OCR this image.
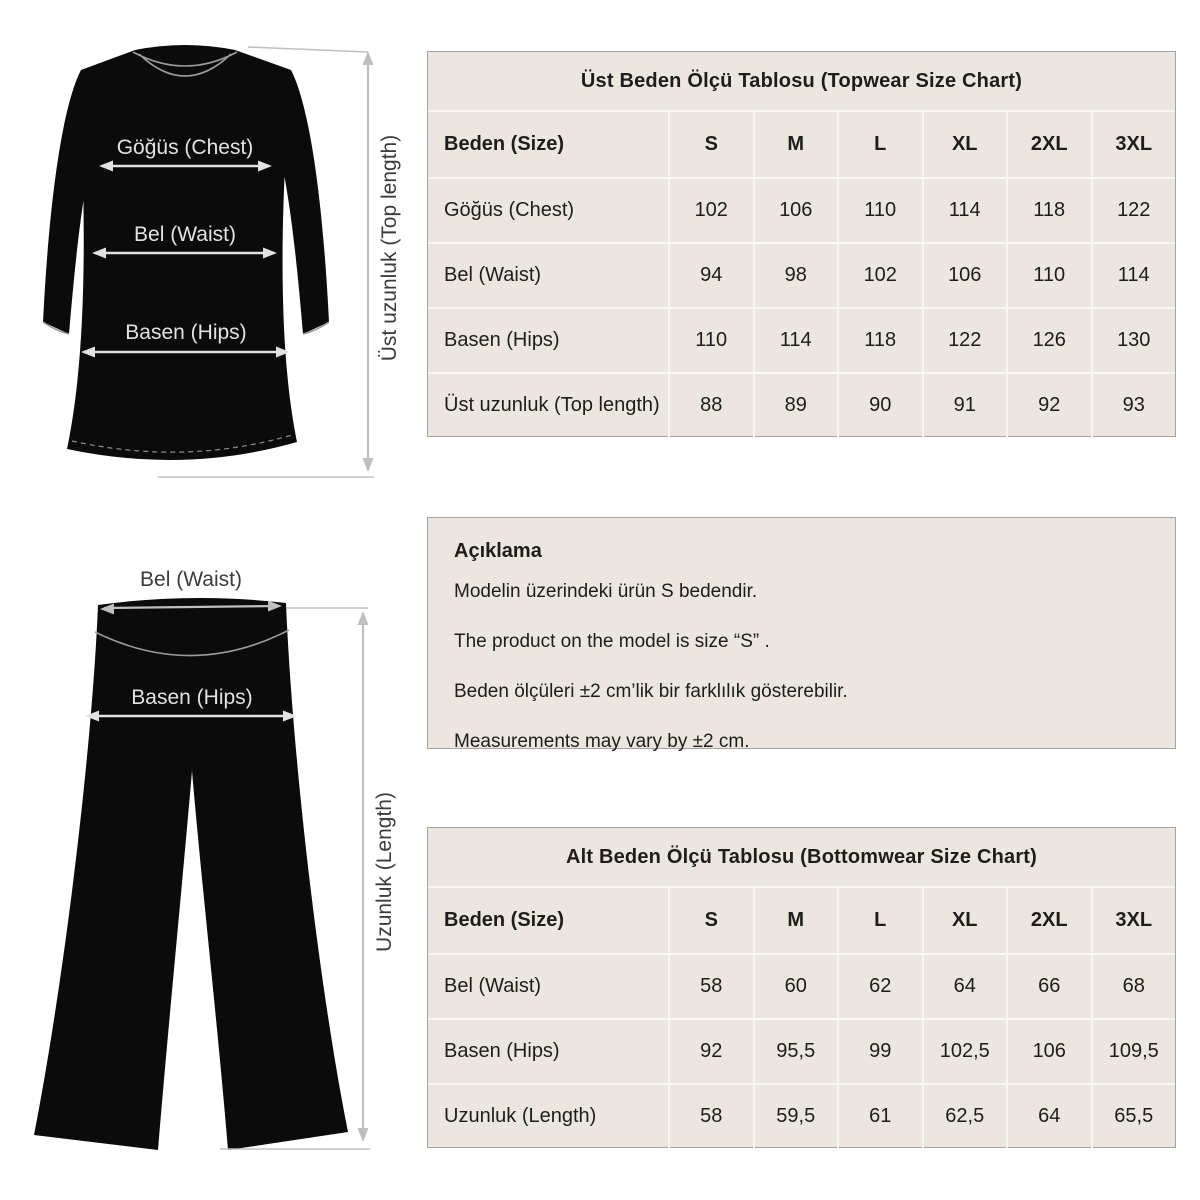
Göğüs (Chest)
Bel (Waist)
Basen (Hips)	Üst uzunluk (Top length)
Bel (Waist)
Basen (Hips)
Uzunluk (Length)
Üst Beden Ölçü Tablosu (Topwear Size Chart)
Beden (Size)	S	M	L	XL	2XL	3XL
Göğüs (Chest)	102	106	110	114	118	122
Bel (Waist)	94	98	102	106	110	114
Basen (Hips)	110	114	118	122	126	130
Üst uzunluk (Top length)	88	89	90	91	92	93
Açıklama
Modelin üzerindeki ürün S bedendir.
The product on the model is size “S” .
Beden ölçüleri ±2 cm’lik bir farklılık gösterebilir.
Measurements may vary by ±2 cm.
Alt Beden Ölçü Tablosu (Bottomwear Size Chart)
Beden (Size)	S	M	L	XL	2XL	3XL
Bel (Waist)	58	60	62	64	66	68
Basen (Hips)	92	95,5	99	102,5	106	109,5
Uzunluk (Length)	58	59,5	61	62,5	64	65,5
